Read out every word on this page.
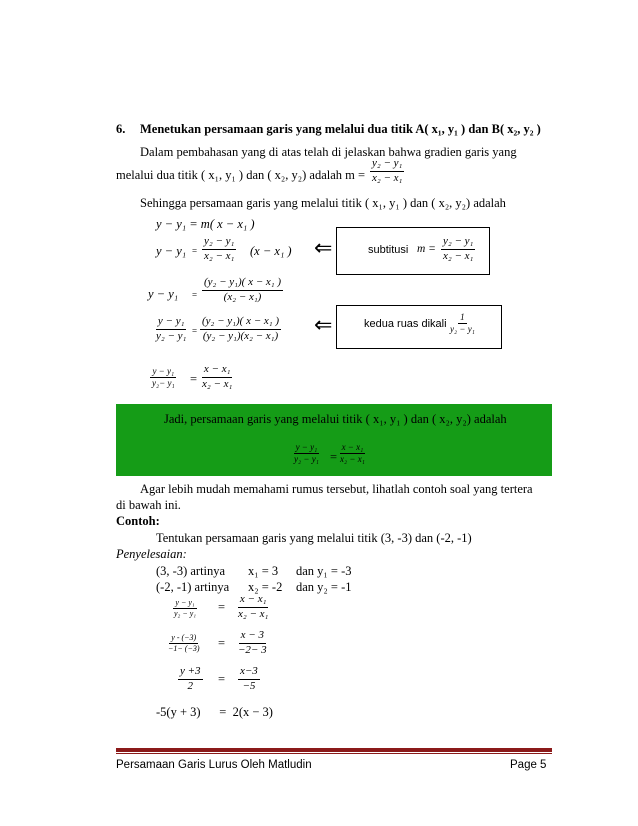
6. Menetukan persamaan garis yang melalui dua titik A( x₁, y₁ ) dan B( x₂, y₂ )
Dalam pembahasan yang di atas telah di jelaskan bahwa gradien garis yang
melalui dua titik ( x₁, y₁ ) dan ( x₂, y₂) adalah $m = \frac{\text{y₂ − y₁}}{\text{x₂ − x₁}}$
Sehingga persamaan garis yang melalui titik ( x₁, y₁ ) dan ( x₂, y₂) adalah
y − y₁ = m( x − x₁ )
$y - y_1 = \frac{\text{y₂ − y₁}}{\text{x₂ − x₁}} (x - x_1$ ) ⇐	subtitusi $m = \frac{\text{y₂ − y₁}}{\text{x₂ − x₁}}$
$y - y_1 = \frac{\text{(y₂ − y₁)( x − x₁ )}}{\text{(x₂ − x₁)}}$
$\frac{\text{y − y₁}}{\text{y₂ − y₁}} = \frac{\text{(y₂ − y₁)( x − x₁ )}}{\text{(y₂ − y₁)(x₂ − x₁)}}$ ⇐	kedua ruas dikali $\frac{1}{\text{y₂ − y₁}}$
$\frac{\text{y − y₁}}{\text{y₂− y₁}} = \frac{\text{x − x₁}}{\text{x₂ − x₁}}$
Jadi, persamaan garis yang melalui titik ( x₁, y₁ ) dan ( x₂, y₂) adalah
$\frac{\text{y − y₁}}{\text{y₂ − y₁}} = \frac{\text{x − x₁}}{\text{x₂ − x₁}}$
Agar lebih mudah memahami rumus tersebut, lihatlah contoh soal yang tertera
di bawah ini.
Contoh:
Tentukan persamaan garis yang melalui titik (3, -3) dan (-2, -1)
Penyelesaian:
(3, -3) artinya x₁ = 3 dan y₁ = -3
(-2, -1) artinya x₂ = -2 dan y₂ = -1
$\frac{\text{y − y₁}}{\text{y₂ − y₁}} = \frac{\text{x − x₁}}{\text{x₂ − x₁}}$
$\frac{y - (-3)}{-1- (-3)} = \frac{x - 3}{-2- 3}$
$\frac{y +3}{2} = \frac{x-3}{-5}$
-5(y + 3)      =  2(x − 3)
Persamaan Garis Lurus Oleh Matludin	Page 5
